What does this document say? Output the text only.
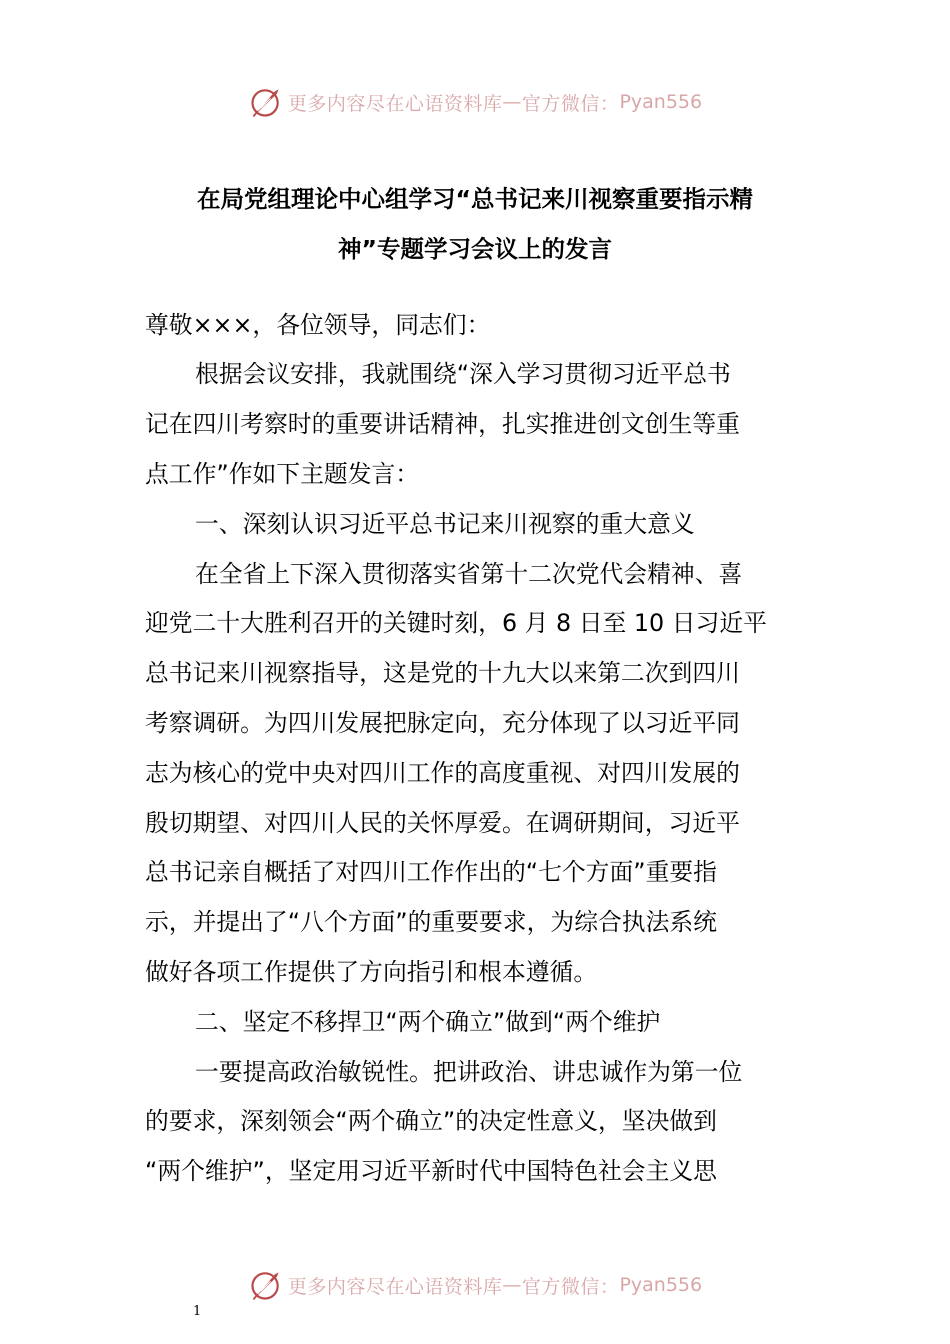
更多内容尽在心语资料库 — 官方微信： Pyan556
在局党组理论中心组学习“总书记来川视察重要指示精
神”专题学习会议上的发言
尊敬×××，各位领导，同志们：
根据会议安排，我就围绕“深入学习贯彻习近平总书
记在四川考察时的重要讲话精神，扎实推进创文创生等重
点工作”作如下主题发言：
一、深刻认识习近平总书记来川视察的重大意义
在全省上下深入贯彻落实省第十二次党代会精神、喜
迎党二十大胜利召开的关键时刻，6 月 8 日至 10 日习近平
总书记来川视察指导，这是党的十九大以来第二次到四川
考察调研。为四川发展把脉定向，充分体现了以习近平同
志为核心的党中央对四川工作的高度重视、对四川发展的
殷切期望、对四川人民的关怀厚爱。在调研期间，习近平
总书记亲自概括了对四川工作作出的“七个方面”重要指
示，并提出了“八个方面”的重要要求，为综合执法系统
做好各项工作提供了方向指引和根本遵循。
二、坚定不移捍卫“两个确立”做到“两个维护
一要提高政治敏锐性。把讲政治、讲忠诚作为第一位
的要求，深刻领会“两个确立”的决定性意义，坚决做到
“两个维护”，坚定用习近平新时代中国特色社会主义思
更多内容尽在心语资料库 — 官方微信： Pyan556
1
